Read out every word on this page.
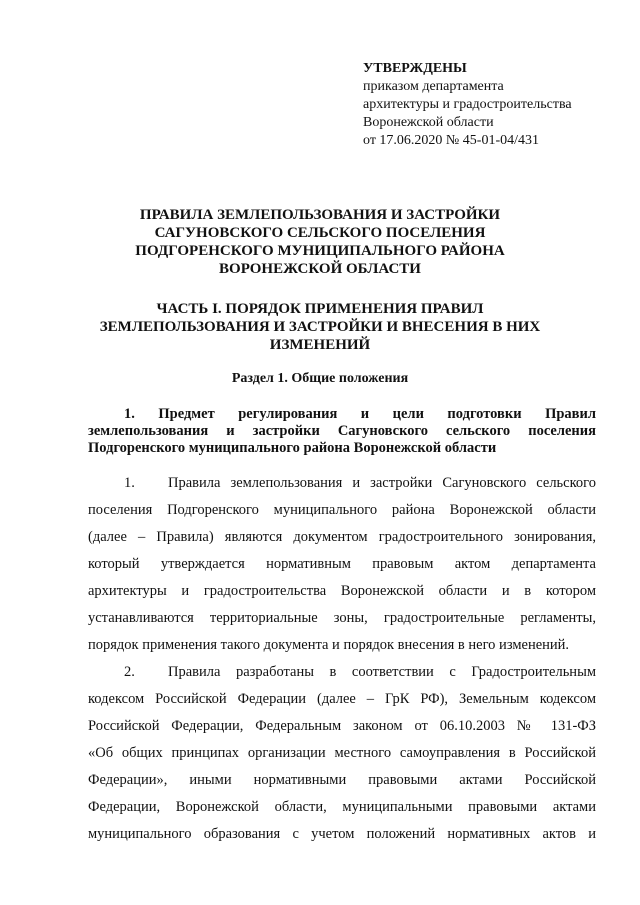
УТВЕРЖДЕНЫ
приказом департамента
архитектуры и градостроительства
Воронежской области
от 17.06.2020 № 45-01-04/431
ПРАВИЛА ЗЕМЛЕПОЛЬЗОВАНИЯ И ЗАСТРОЙКИ
САГУНОВСКОГО СЕЛЬСКОГО ПОСЕЛЕНИЯ
ПОДГОРЕНСКОГО МУНИЦИПАЛЬНОГО РАЙОНА
ВОРОНЕЖСКОЙ ОБЛАСТИ
ЧАСТЬ I. ПОРЯДОК ПРИМЕНЕНИЯ ПРАВИЛ
ЗЕМЛЕПОЛЬЗОВАНИЯ И ЗАСТРОЙКИ И ВНЕСЕНИЯ В НИХ
ИЗМЕНЕНИЙ
Раздел 1. Общие положения
1. Предмет регулирования и цели подготовки Правил
землепользования и застройки Сагуновского сельского поселения
Подгоренского муниципального района Воронежской области
1. Правила землепользования и застройки Сагуновского сельского
поселения Подгоренского муниципального района Воронежской области
(далее – Правила) являются документом градостроительного зонирования,
который утверждается нормативным правовым актом департамента
архитектуры и градостроительства Воронежской области и в котором
устанавливаются территориальные зоны, градостроительные регламенты,
порядок применения такого документа и порядок внесения в него изменений.
2. Правила разработаны в соответствии с Градостроительным
кодексом Российской Федерации (далее – ГрК РФ), Земельным кодексом
Российской Федерации, Федеральным законом от 06.10.2003 № 131-ФЗ
«Об общих принципах организации местного самоуправления в Российской
Федерации», иными нормативными правовыми актами Российской
Федерации, Воронежской области, муниципальными правовыми актами
муниципального образования с учетом положений нормативных актов и
